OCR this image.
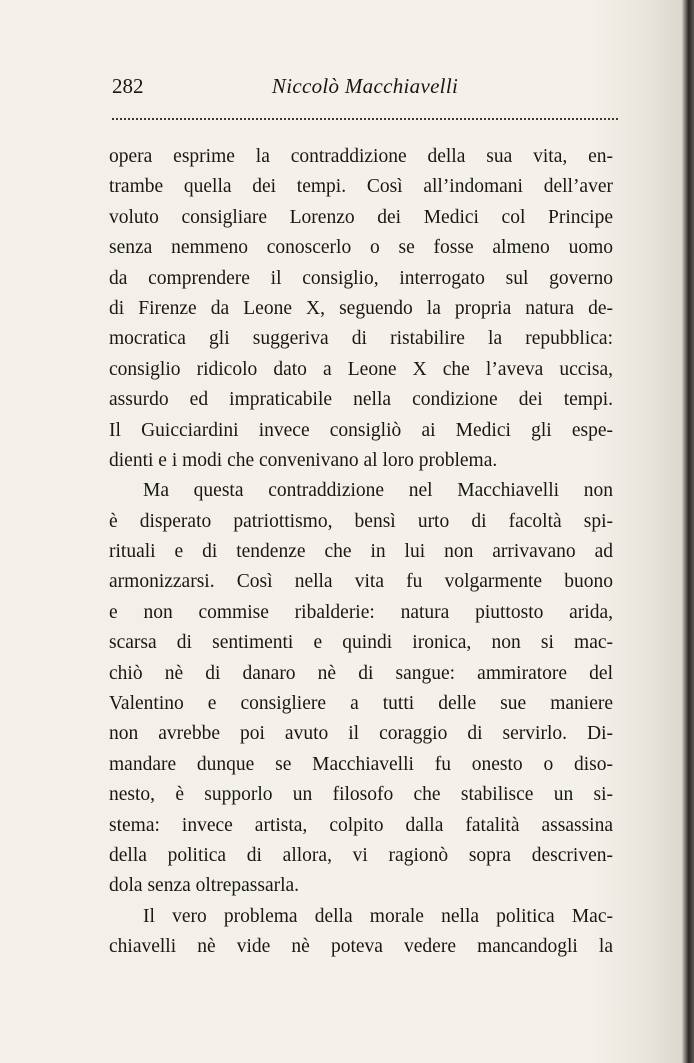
282	Niccolò Macchiavelli
opera esprime la contraddizione della sua vita, en-
trambe quella dei tempi. Così all’indomani dell’aver
voluto consigliare Lorenzo dei Medici col Principe
senza nemmeno conoscerlo o se fosse almeno uomo
da comprendere il consiglio, interrogato sul governo
di Firenze da Leone X, seguendo la propria natura de-
mocratica gli suggeriva di ristabilire la repubblica:
consiglio ridicolo dato a Leone X che l’aveva uccisa,
assurdo ed impraticabile nella condizione dei tempi.
Il Guicciardini invece consigliò ai Medici gli espe-
dienti e i modi che convenivano al loro problema.
Ma questa contraddizione nel Macchiavelli non
è disperato patriottismo, bensì urto di facoltà spi-
rituali e di tendenze che in lui non arrivavano ad
armonizzarsi. Così nella vita fu volgarmente buono
e non commise ribalderie: natura piuttosto arida,
scarsa di sentimenti e quindi ironica, non si mac-
chiò nè di danaro nè di sangue: ammiratore del
Valentino e consigliere a tutti delle sue maniere
non avrebbe poi avuto il coraggio di servirlo. Di-
mandare dunque se Macchiavelli fu onesto o diso-
nesto, è supporlo un filosofo che stabilisce un si-
stema: invece artista, colpito dalla fatalità assassina
della politica di allora, vi ragionò sopra descriven-
dola senza oltrepassarla.
Il vero problema della morale nella politica Mac-
chiavelli nè vide nè poteva vedere mancandogli la
